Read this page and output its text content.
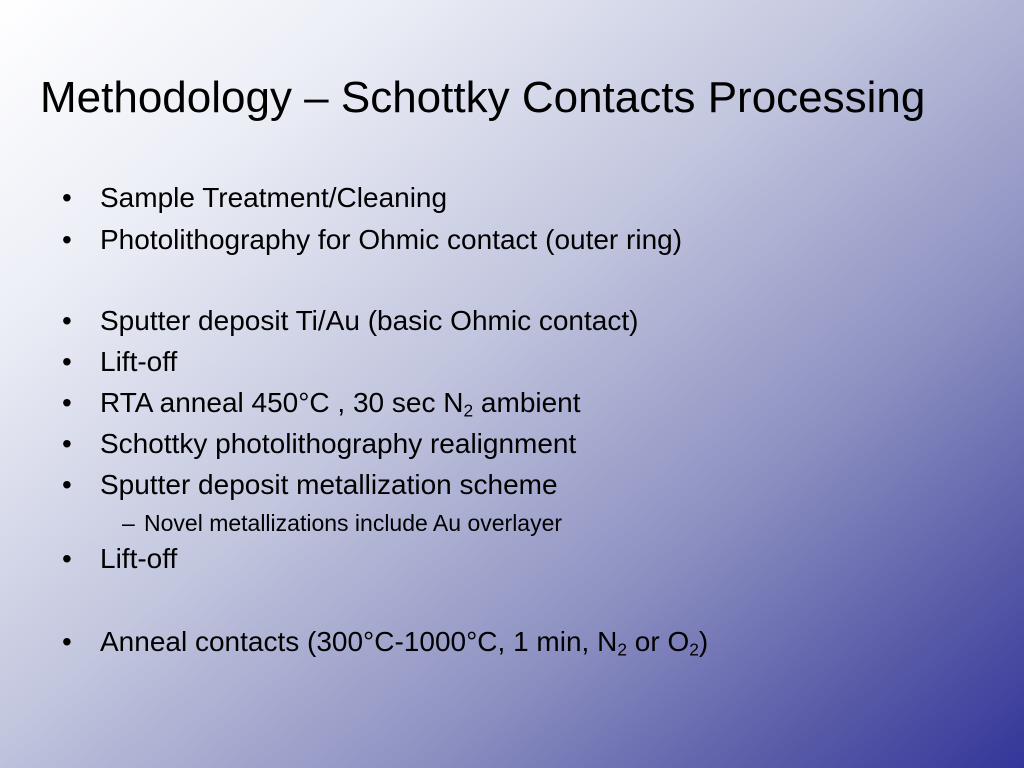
Methodology – Schottky Contacts Processing
• Sample Treatment/Cleaning
• Photolithography for Ohmic contact (outer ring)
• Sputter deposit Ti/Au (basic Ohmic contact)
• Lift-off
• RTA anneal 450°C , 30 $\sec N_2$ ambient
• Schottky photolithography realignment
• Sputter deposit metallization scheme
– Novel metallizations include Au overlayer
• Lift-off
• Anneal contacts (300°C-1000°C, 1 min, $N_2$ or $O_2$)
